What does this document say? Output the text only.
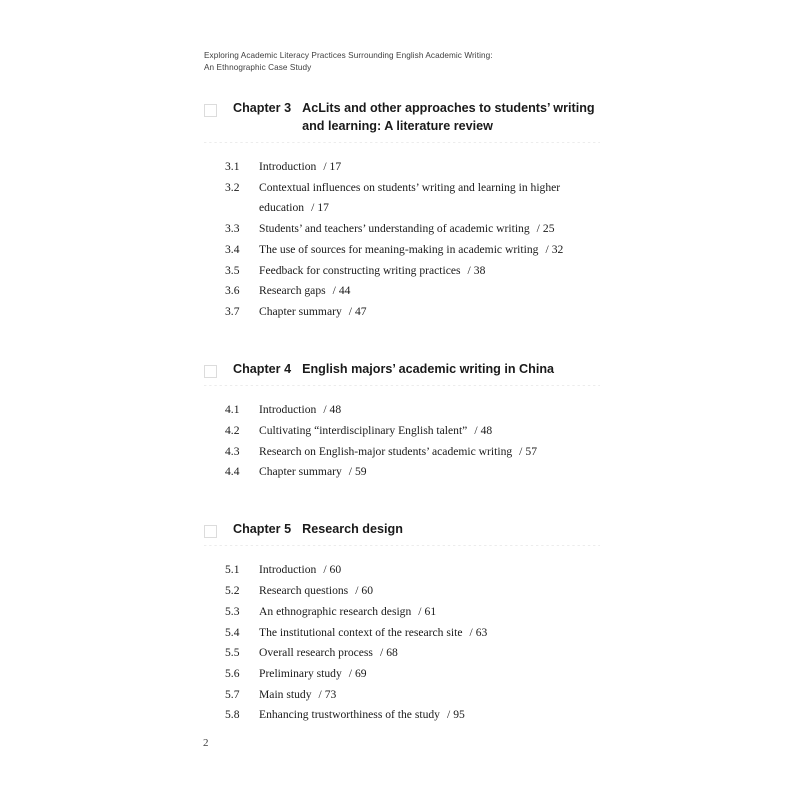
Exploring Academic Literacy Practices Surrounding English Academic Writing:
An Ethnographic Case Study
Chapter 3 AcLits and other approaches to students’ writing and learning: A literature review
3.1	Introduction / 17
3.2	Contextual influences on students’ writing and learning in higher education / 17
3.3	Students’ and teachers’ understanding of academic writing / 25
3.4	The use of sources for meaning-making in academic writing / 32
3.5	Feedback for constructing writing practices / 38
3.6	Research gaps / 44
3.7	Chapter summary / 47
Chapter 4 English majors’ academic writing in China
4.1	Introduction / 48
4.2	Cultivating “interdisciplinary English talent” / 48
4.3	Research on English-major students’ academic writing / 57
4.4	Chapter summary / 59
Chapter 5 Research design
5.1	Introduction / 60
5.2	Research questions / 60
5.3	An ethnographic research design / 61
5.4	The institutional context of the research site / 63
5.5	Overall research process / 68
5.6	Preliminary study / 69
5.7	Main study / 73
5.8	Enhancing trustworthiness of the study / 95
2
